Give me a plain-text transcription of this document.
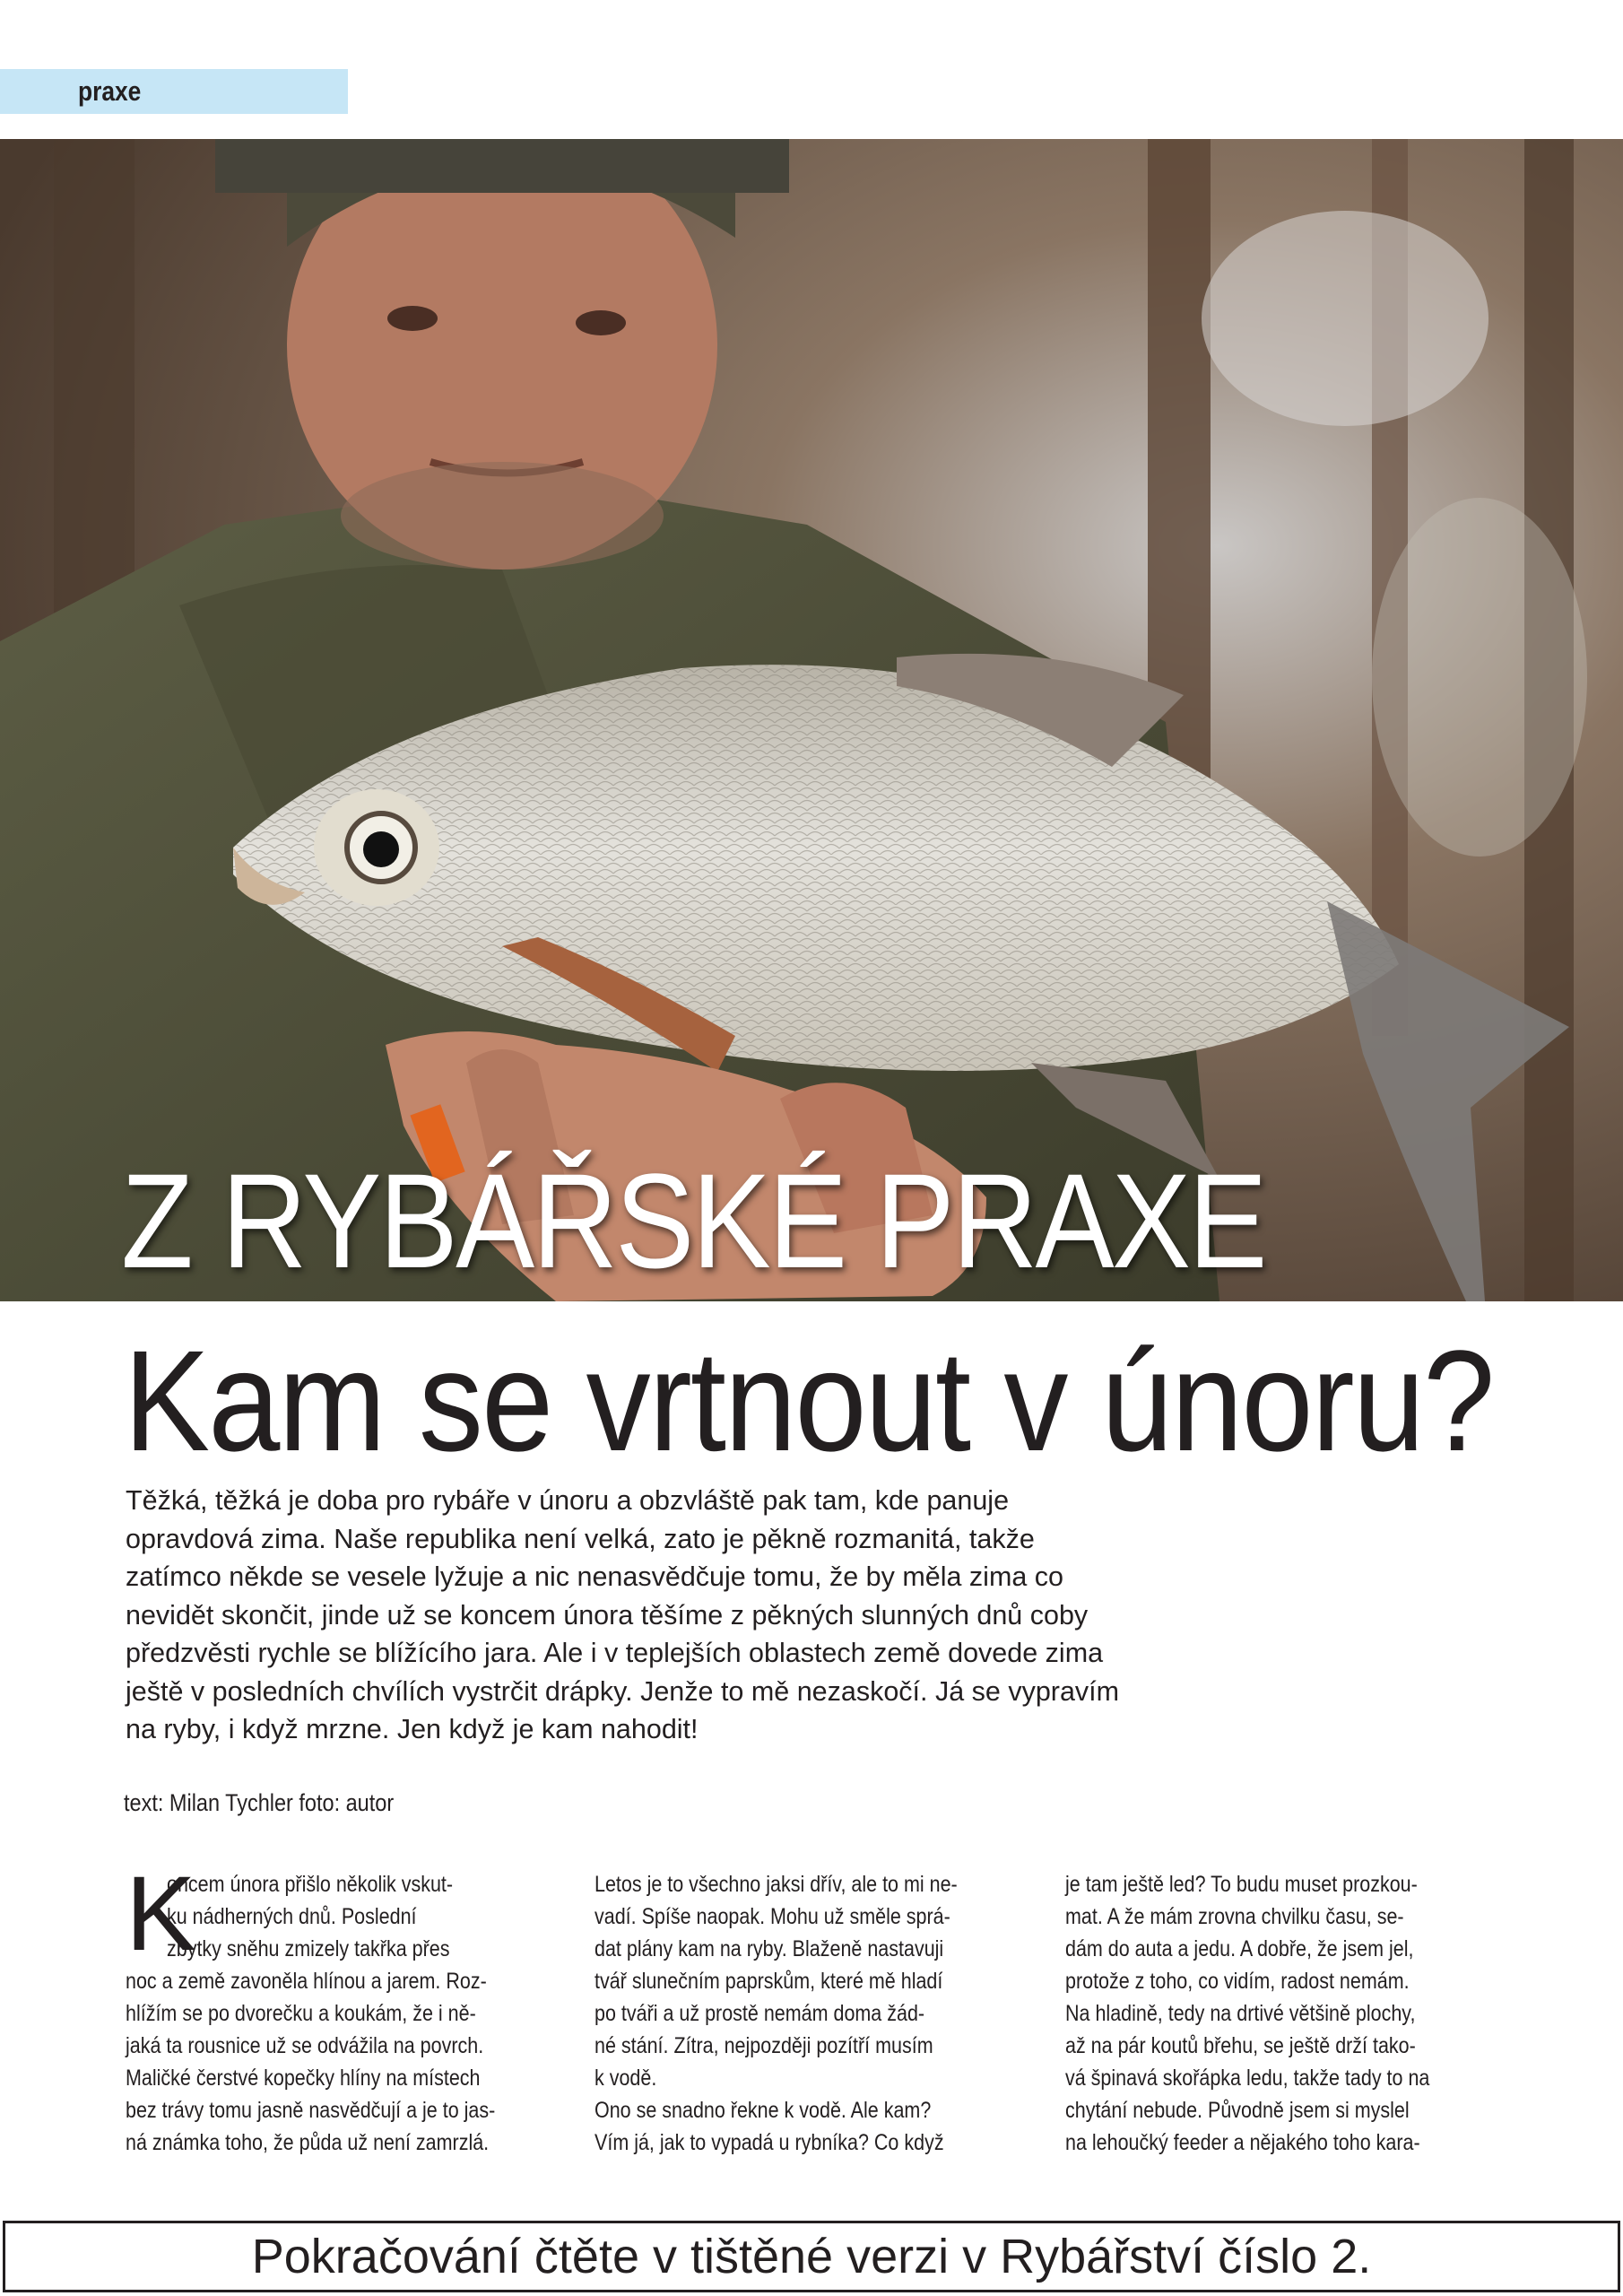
praxe
Z RYBÁŘSKÉ PRAXE
Kam se vrtnout v únoru?

Těžká, těžká je doba pro rybáře v únoru a obzvláště pak tam, kde panuje

opravdová zima. Naše republika není velká, zato je pěkně rozmanitá, takže

zatímco někde se vesele lyžuje a nic nenasvědčuje tomu, že by měla zima co

nevidět skončit, jinde už se koncem února těšíme z pěkných slunných dnů coby

předzvěsti rychle se blížícího jara. Ale i v teplejších oblastech země dovede zima

ještě v posledních chvílích vystrčit drápky. Jenže to mě nezaskočí. Já se vypravím

na ryby, i když mrzne. Jen když je kam nahodit!

text: Milan Tychler foto: autor
K

oncem února přišlo několik vskut-

ku nádherných dnů. Poslední

zbytky sněhu zmizely takřka přes

noc a země zavoněla hlínou a jarem. Roz-

hlížím se po dvorečku a koukám, že i ně-

jaká ta rousnice už se odvážila na povrch.

Maličké čerstvé kopečky hlíny na místech

bez trávy tomu jasně nasvědčují a je to jas-

ná známka toho, že půda už není zamrzlá.

Letos je to všechno jaksi dřív, ale to mi ne-

vadí. Spíše naopak. Mohu už směle sprá-

dat plány kam na ryby. Blaženě nastavuji

tvář slunečním paprskům, které mě hladí

po tváři a už prostě nemám doma žád-

né stání. Zítra, nejpozději pozítří musím

k vodě.

Ono se snadno řekne k vodě. Ale kam?

Vím já, jak to vypadá u rybníka? Co když

je tam ještě led? To budu muset prozkou-

mat. A že mám zrovna chvilku času, se-

dám do auta a jedu. A dobře, že jsem jel,

protože z toho, co vidím, radost nemám.

Na hladině, tedy na drtivé většině plochy,

až na pár koutů břehu, se ještě drží tako-

vá špinavá skořápka ledu, takže tady to na

chytání nebude. Původně jsem si myslel

na lehoučký feeder a nějakého toho kara-

Pokračování čtěte v tištěné verzi v Rybářství číslo 2.
